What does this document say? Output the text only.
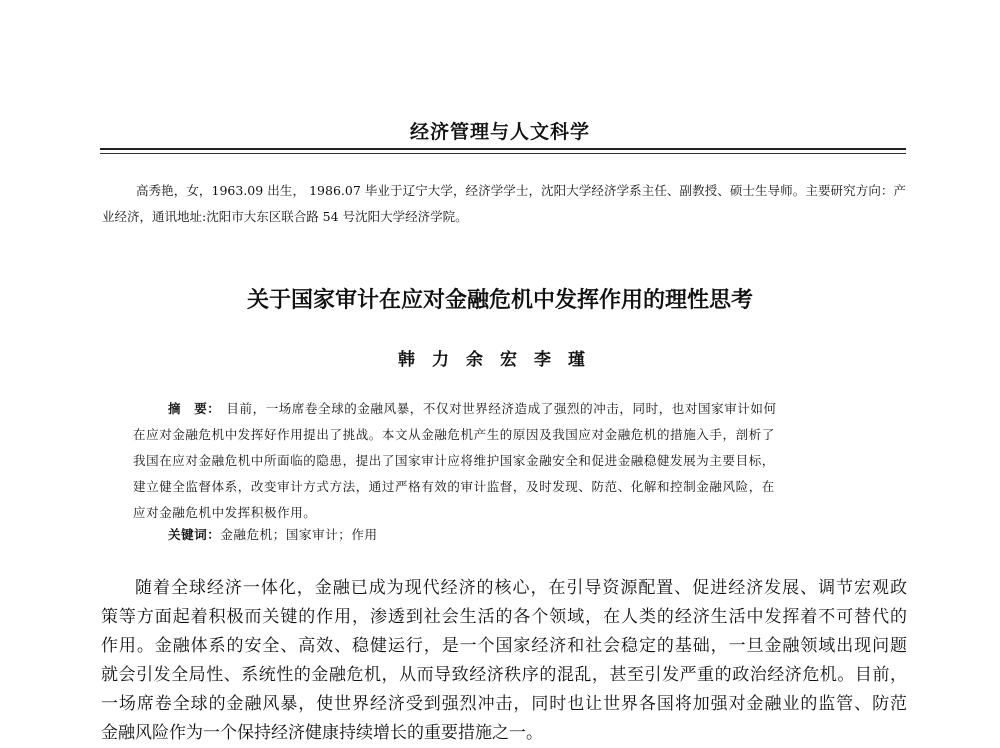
经济管理与人文科学
高秀艳，女，1963.09 出生， 1986.07 毕业于辽宁大学，经济学学士，沈阳大学经济学系主任、副教授、硕士生导师。主要研究方向：产业经济，通讯地址:沈阳市大东区联合路 54 号沈阳大学经济学院。
关于国家审计在应对金融危机中发挥作用的理性思考
韩力余宏李瑾
摘　要： 目前，一场席卷全球的金融风暴，不仅对世界经济造成了强烈的冲击，同时，也对国家审计如何
在应对金融危机中发挥好作用提出了挑战。本文从金融危机产生的原因及我国应对金融危机的措施入手，剖析了
我国在应对金融危机中所面临的隐患，提出了国家审计应将维护国家金融安全和促进金融稳健发展为主要目标，
建立健全监督体系，改变审计方式方法，通过严格有效的审计监督，及时发现、防范、化解和控制金融风险，在
应对金融危机中发挥积极作用。
关键词：金融危机；国家审计；作用
随着全球经济一体化，金融已成为现代经济的核心，在引导资源配置、促进经济发展、调节宏观政
策等方面起着积极而关键的作用，渗透到社会生活的各个领域，在人类的经济生活中发挥着不可替代的
作用。金融体系的安全、高效、稳健运行，是一个国家经济和社会稳定的基础，一旦金融领域出现问题
就会引发全局性、系统性的金融危机，从而导致经济秩序的混乱，甚至引发严重的政治经济危机。目前，
一场席卷全球的金融风暴，使世界经济受到强烈冲击，同时也让世界各国将加强对金融业的监管、防范
金融风险作为一个保持经济健康持续增长的重要措施之一。
